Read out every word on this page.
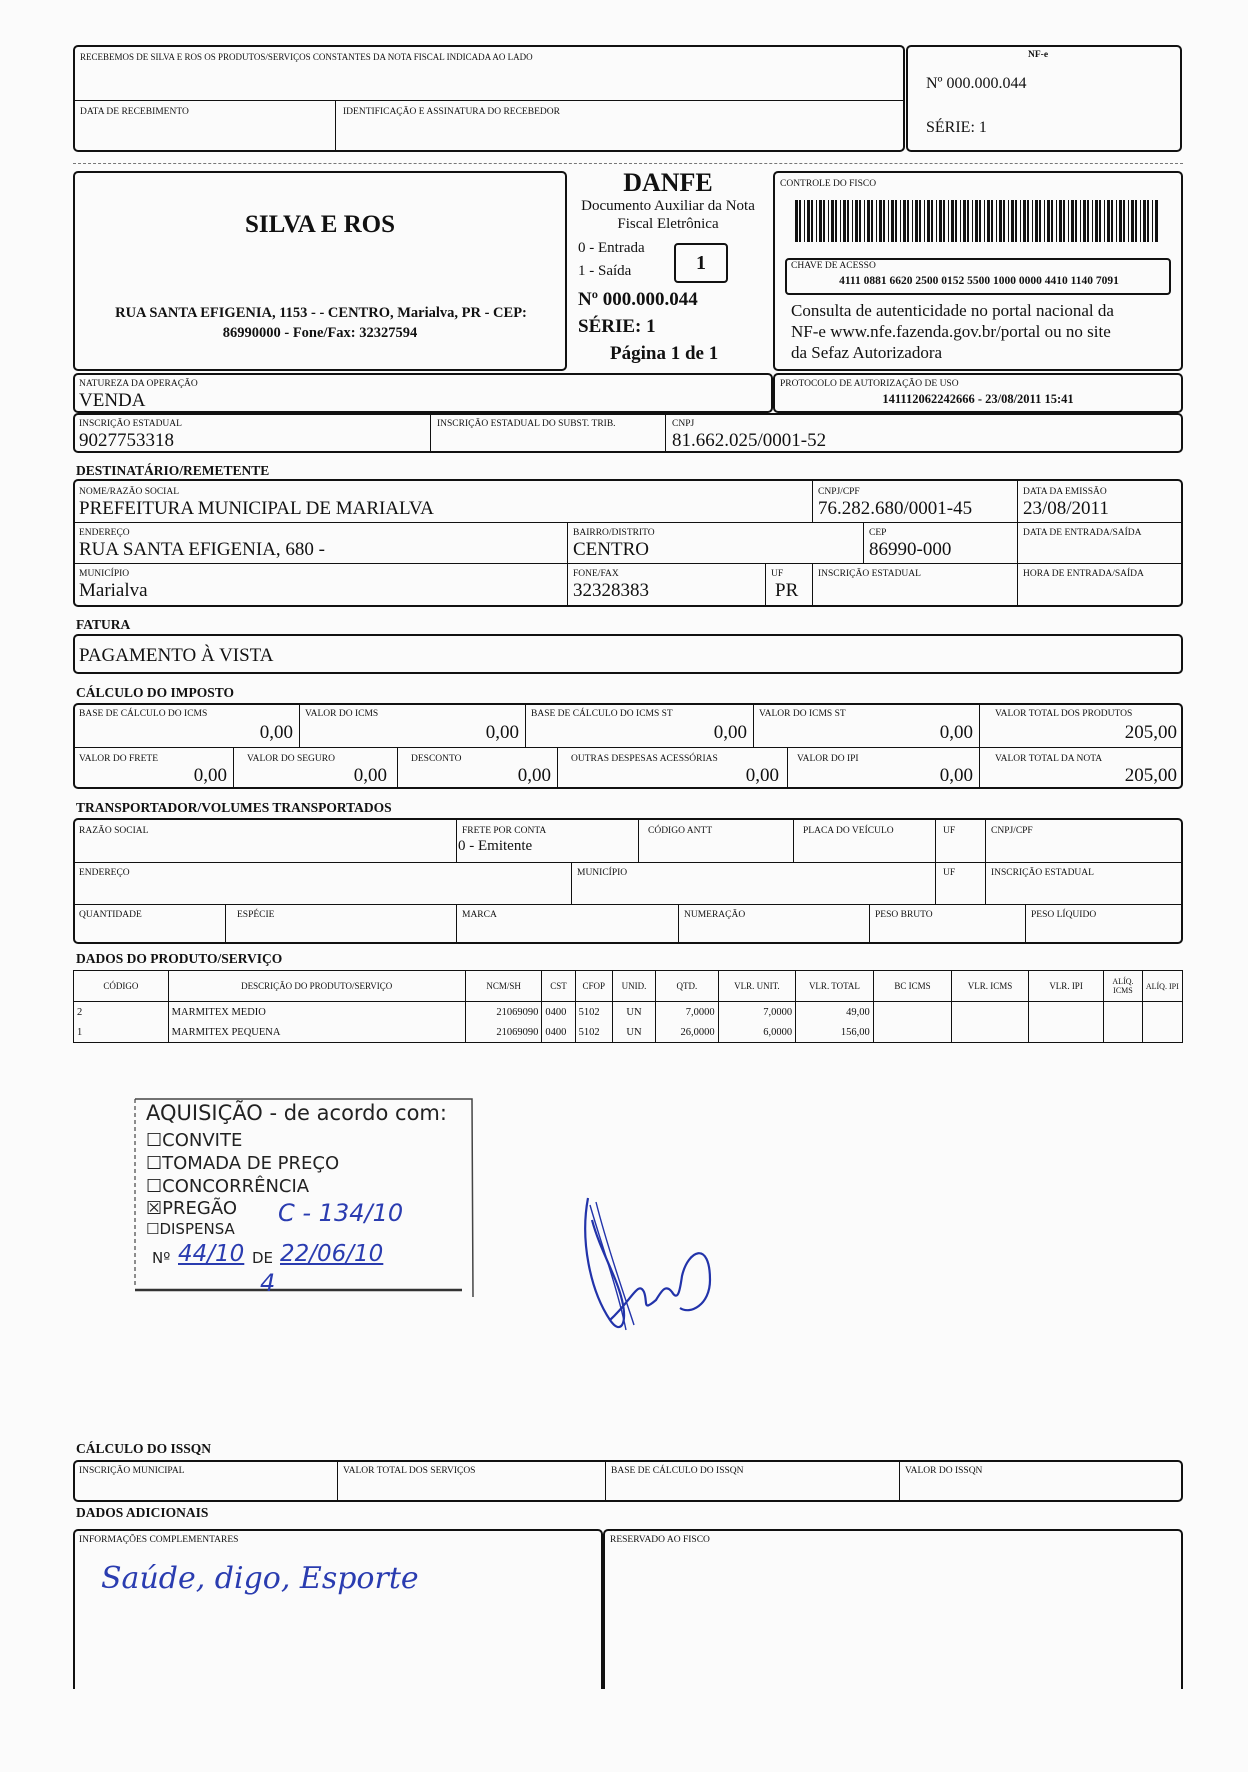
RECEBEMOS DE SILVA E ROS OS PRODUTOS/SERVIÇOS CONSTANTES DA NOTA FISCAL INDICADA AO LADO
DATA DE RECEBIMENTO	IDENTIFICAÇÃO E ASSINATURA DO RECEBEDOR
NF-e
Nº 000.000.044
SÉRIE: 1
SILVA E ROS
RUA SANTA EFIGENIA, 1153 - - CENTRO, Marialva, PR - CEP:
86990000 - Fone/Fax: 32327594
DANFE
Documento Auxiliar da Nota
Fiscal Eletrônica
0 - Entrada
1 - Saída	1
Nº 000.000.044
SÉRIE: 1
Página 1 de 1
CONTROLE DO FISCO
CHAVE DE ACESSO
4111 0881 6620 2500 0152 5500 1000 0000 4410 1140 7091
Consulta de autenticidade no portal nacional da
NF-e www.nfe.fazenda.gov.br/portal ou no site
da Sefaz Autorizadora
NATUREZA DA OPERAÇÃO
VENDA
PROTOCOLO DE AUTORIZAÇÃO DE USO
141112062242666 - 23/08/2011 15:41
INSCRIÇÃO ESTADUAL
9027753318
INSCRIÇÃO ESTADUAL DO SUBST. TRIB.	CNPJ
81.662.025/0001-52
DESTINATÁRIO/REMETENTE
NOME/RAZÃO SOCIAL
PREFEITURA MUNICIPAL DE MARIALVA
CNPJ/CPF
76.282.680/0001-45
DATA DA EMISSÃO
23/08/2011
ENDEREÇO
RUA SANTA EFIGENIA, 680 -
BAIRRO/DISTRITO
CENTRO
CEP
86990-000
DATA DE ENTRADA/SAÍDA
MUNICÍPIO
Marialva
FONE/FAX
32328383
UF
PR
INSCRIÇÃO ESTADUAL	HORA DE ENTRADA/SAÍDA
FATURA
PAGAMENTO À VISTA
CÁLCULO DO IMPOSTO
BASE DE CÁLCULO DO ICMS
0,00
VALOR DO ICMS
0,00
BASE DE CÁLCULO DO ICMS ST
0,00
VALOR DO ICMS ST
0,00
VALOR TOTAL DOS PRODUTOS
205,00
VALOR DO FRETE
0,00
VALOR DO SEGURO
0,00
DESCONTO
0,00
OUTRAS DESPESAS ACESSÓRIAS
0,00
VALOR DO IPI
0,00
VALOR TOTAL DA NOTA
205,00
TRANSPORTADOR/VOLUMES TRANSPORTADOS
RAZÃO SOCIAL	FRETE POR CONTA
0 - Emitente
CÓDIGO ANTT	PLACA DO VEÍCULO	UF	CNPJ/CPF
ENDEREÇO	MUNICÍPIO	UF	INSCRIÇÃO ESTADUAL
QUANTIDADE	ESPÉCIE	MARCA	NUMERAÇÃO	PESO BRUTO	PESO LÍQUIDO
DADOS DO PRODUTO/SERVIÇO
CÓDIGO	DESCRIÇÃO DO PRODUTO/SERVIÇO	NCM/SH	CST	CFOP	UNID.	QTD.	VLR. UNIT.	VLR. TOTAL	BC ICMS	VLR. ICMS	VLR. IPI	ALÍQ. ICMS	ALÍQ. IPI
2	MARMITEX MEDIO	21069090	0400	5102	UN	7,0000	7,0000	49,00					
1	MARMITEX PEQUENA	21069090	0400	5102	UN	26,0000	6,0000	156,00					
AQUISIÇÃO - de acordo com:
☐CONVITE
☐TOMADA DE PREÇO
☐CONCORRÊNCIA
☒PREGÃO
☐DISPENSA
C - 134/10
Nº 44/10 DE 22/06/10
4
CÁLCULO DO ISSQN
INSCRIÇÃO MUNICIPAL	VALOR TOTAL DOS SERVIÇOS	BASE DE CÁLCULO DO ISSQN	VALOR DO ISSQN
DADOS ADICIONAIS
INFORMAÇÕES COMPLEMENTARES
Saúde, digo, Esporte
RESERVADO AO FISCO
